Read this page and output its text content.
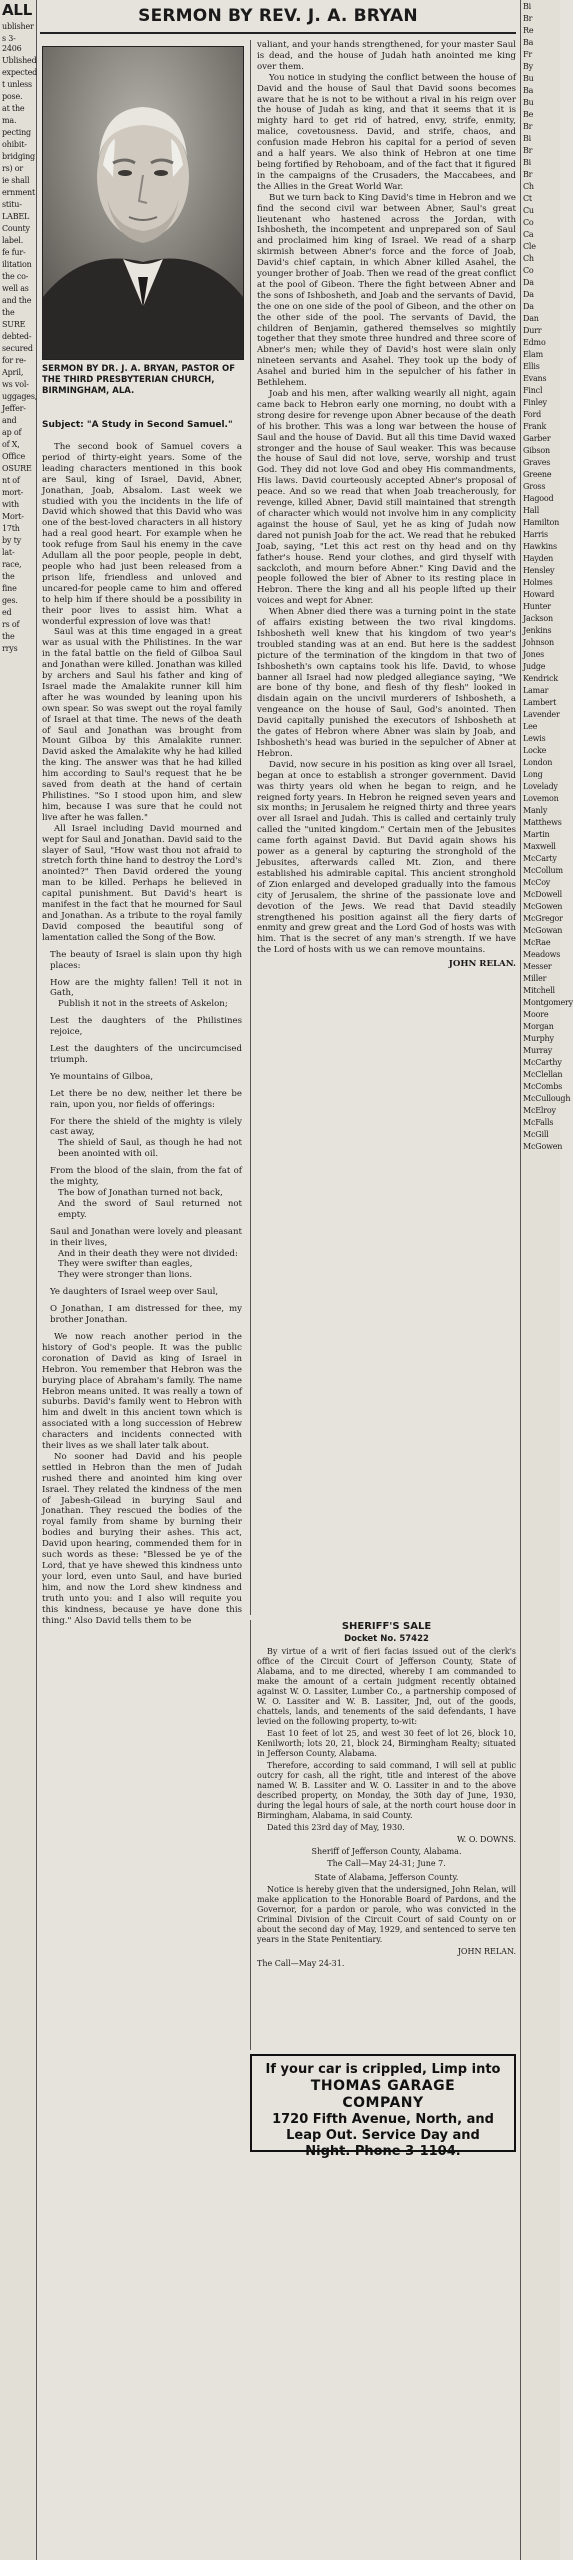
ALL

ublisher

s 3-2406

Ublished

expected

t unless

pose.

at the

ma.

pecting

ohibit-

bridging

rs) or

ie shall

ernment

stitu-

LABEL

County

label.

fe fur-

ilitation

the co-

well as

and the

the

SURE

debted-

secured

for re-

April,

ws vol-

uggages,

Jeffer-

and

ap of

of X,

Office

OSURE

nt of

mort-

with

Mort-

17th

by ty

lat-

race,

the

fine

ges.

ed

rs of

the

rrys

SERMON BY REV. J. A. BRYAN
SERMON BY DR. J. A. BRYAN, PASTOR OF THE THIRD PRESBYTERIAN CHURCH, BIRMINGHAM, ALA.
Subject: "A Study in Second Samuel."

The second book of Samuel covers a period of thirty-eight years. Some of the leading characters mentioned in this book are Saul, king of Israel, David, Abner, Jonathan, Joab, Absalom. Last week we studied with you the incidents in the life of David which showed that this David who was one of the best-loved characters in all history had a real good heart. For example when he took refuge from Saul his enemy in the cave Adullam all the poor people, people in debt, people who had just been released from a prison life, friendless and unloved and uncared-for people came to him and offered to help him if there should be a possibility in their poor lives to assist him. What a wonderful expression of love was that!

Saul was at this time engaged in a great war as usual with the Philistines. In the war in the fatal battle on the field of Gilboa Saul and Jonathan were killed. Jonathan was killed by archers and Saul his father and king of Israel made the Amalakite runner kill him after he was wounded by leaning upon his own spear. So was swept out the royal family of Israel at that time. The news of the death of Saul and Jonathan was brought from Mount Gilboa by this Amalakite runner. David asked the Amalakite why he had killed the king. The answer was that he had killed him according to Saul's request that he be saved from death at the hand of certain Philistines. "So I stood upon him, and slew him, because I was sure that he could not live after he was fallen."

All Israel including David mourned and wept for Saul and Jonathan. David said to the slayer of Saul, "How wast thou not afraid to stretch forth thine hand to destroy the Lord's anointed?" Then David ordered the young man to be killed. Perhaps he believed in capital punishment. But David's heart is manifest in the fact that he mourned for Saul and Jonathan. As a tribute to the royal family David composed the beautiful song of lamentation called the Song of the Bow.

The beauty of Israel is slain upon thy high places:

How are the mighty fallen! Tell it not in Gath,

Publish it not in the streets of Askelon;

Lest the daughters of the Philistines rejoice,

Lest the daughters of the uncircumcised triumph.

Ye mountains of Gilboa,

Let there be no dew, neither let there be rain, upon you, nor fields of offerings:

For there the shield of the mighty is vilely cast away,

The shield of Saul, as though he had not been anointed with oil.

From the blood of the slain, from the fat of the mighty,

The bow of Jonathan turned not back,

And the sword of Saul returned not empty.

Saul and Jonathan were lovely and pleasant in their lives,

And in their death they were not divided:

They were swifter than eagles,

They were stronger than lions.

Ye daughters of Israel weep over Saul,

O Jonathan, I am distressed for thee, my brother Jonathan.

We now reach another period in the history of God's people. It was the public coronation of David as king of Israel in Hebron. You remember that Hebron was the burying place of Abraham's family. The name Hebron means united. It was really a town of suburbs. David's family went to Hebron with him and dwelt in this ancient town which is associated with a long succession of Hebrew characters and incidents connected with their lives as we shall later talk about.

No sooner had David and his people settled in Hebron than the men of Judah rushed there and anointed him king over Israel. They related the kindness of the men of Jabesh-Gilead in burying Saul and Jonathan. They rescued the bodies of the royal family from shame by burning their bodies and burying their ashes. This act, David upon hearing, commended them for in such words as these: "Blessed be ye of the Lord, that ye have shewed this kindness unto your lord, even unto Saul, and have buried him, and now the Lord shew kindness and truth unto you: and I also will requite you this kindness, because ye have done this thing." Also David tells them to be

valiant, and your hands strengthened, for your master Saul is dead, and the house of Judah hath anointed me king over them.

You notice in studying the conflict between the house of David and the house of Saul that David soons becomes aware that he is not to be without a rival in his reign over the house of Judah as king, and that it seems that it is mighty hard to get rid of hatred, envy, strife, enmity, malice, covetousness. David, and strife, chaos, and confusion made Hebron his capital for a period of seven and a half years. We also think of Hebron at one time being fortified by Rehoboam, and of the fact that it figured in the campaigns of the Crusaders, the Maccabees, and the Allies in the Great World War.

But we turn back to King David's time in Hebron and we find the second civil war between Abner, Saul's great lieutenant who hastened across the Jordan, with Ishbosheth, the incompetent and unprepared son of Saul and proclaimed him king of Israel. We read of a sharp skirmish between Abner's force and the force of Joab, David's chief captain, in which Abner killed Asahel, the younger brother of Joab. Then we read of the great conflict at the pool of Gibeon. There the fight between Abner and the sons of Ishbosheth, and Joab and the servants of David, the one on one side of the pool of Gibeon, and the other on the other side of the pool. The servants of David, the children of Benjamin, gathered themselves so mightily together that they smote three hundred and three score of Abner's men; while they of David's host were slain only nineteen servants and Asahel. They took up the body of Asahel and buried him in the sepulcher of his father in Bethlehem.

Joab and his men, after walking wearily all night, again came back to Hebron early one morning, no doubt with a strong desire for revenge upon Abner because of the death of his brother. This was a long war between the house of Saul and the house of David. But all this time David waxed stronger and the house of Saul weaker. This was because the house of Saul did not love, serve, worship and trust God. They did not love God and obey His commandments, His laws. David courteously accepted Abner's proposal of peace. And so we read that when Joab treacherously, for revenge, killed Abner, David still maintained that strength of character which would not involve him in any complicity against the house of Saul, yet he as king of Judah now dared not punish Joab for the act. We read that he rebuked Joab, saying, "Let this act rest on thy head and on thy father's house. Rend your clothes, and gird thyself with sackcloth, and mourn before Abner." King David and the people followed the bier of Abner to its resting place in Hebron. There the king and all his people lifted up their voices and wept for Abner.

When Abner died there was a turning point in the state of affairs existing between the two rival kingdoms. Ishbosheth well knew that his kingdom of two year's troubled standing was at an end. But here is the saddest picture of the termination of the kingdom in that two of Ishbosheth's own captains took his life. David, to whose banner all Israel had now pledged allegiance saying, "We are bone of thy bone, and flesh of thy flesh" looked in disdain again on the uncivil murderers of Ishbosheth, a vengeance on the house of Saul, God's anointed. Then David capitally punished the executors of Ishbosheth at the gates of Hebron where Abner was slain by Joab, and Ishbosheth's head was buried in the sepulcher of Abner at Hebron.

David, now secure in his position as king over all Israel, began at once to establish a stronger government. David was thirty years old when he began to reign, and he reigned forty years. In Hebron he reigned seven years and six months; in Jerusalem he reigned thirty and three years over all Israel and Judah. This is called and certainly truly called the "united kingdom." Certain men of the Jebusites came forth against David. But David again shows his power as a general by capturing the stronghold of the Jebusites, afterwards called Mt. Zion, and there established his admirable capital. This ancient stronghold of Zion enlarged and developed gradually into the famous city of Jerusalem, the shrine of the passionate love and devotion of the Jews. We read that David steadily strengthened his position against all the fiery darts of enmity and grew great and the Lord God of hosts was with him. That is the secret of any man's strength. If we have the Lord of hosts with us we can remove mountains.

JOHN RELAN.

SHERIFF'S SALE
Docket No. 57422

By virtue of a writ of fieri facias issued out of the clerk's office of the Circuit Court of Jefferson County, State of Alabama, and to me directed, whereby I am commanded to make the amount of a certain judgment recently obtained against W. O. Lassiter, Lumber Co., a partnership composed of W. O. Lassiter and W. B. Lassiter, Jnd, out of the goods, chattels, lands, and tenements of the said defendants, I have levied on the following property, to-wit:

East 10 feet of lot 25, and west 30 feet of lot 26, block 10, Kenilworth; lots 20, 21, block 24, Birmingham Realty; situated in Jefferson County, Alabama.

Therefore, according to said command, I will sell at public outcry for cash, all the right, title and interest of the above named W. B. Lassiter and W. O. Lassiter in and to the above described property, on Monday, the 30th day of June, 1930, during the legal hours of sale, at the north court house door in Birmingham, Alabama, in said County.

Dated this 23rd day of May, 1930.

W. O. DOWNS.

Sheriff of Jefferson County, Alabama.

The Call—May 24-31; June 7.

State of Alabama, Jefferson County.

Notice is hereby given that the undersigned, John Relan, will make application to the Honorable Board of Pardons, and the Governor, for a pardon or parole, who was convicted in the Criminal Division of the Circuit Court of said County on or about the second day of May, 1929, and sentenced to serve ten years in the State Penitentiary.

JOHN RELAN.

The Call—May 24-31.

If your car is crippled, Limp into
THOMAS GARAGE
COMPANY
1720 Fifth Avenue, North, and
Leap Out. Service Day and
Night. Phone 3-1104.

Bi

Br

Re

Ba

Fr

By

Bu

Ba

Bu

Be

Br

Bi

Br

Bi

Br

Ch

Ct

Cu

Co

Ca

Cle

Ch

Co

Da

Da

Da

Dan

Durr

Edmo

Elam

Ellis

Evans

Fincl

Finley

Ford

Frank

Garber

Gibson

Graves

Greene

Gross

Hagood

Hall

Hamilton

Harris

Hawkins

Hayden

Hensley

Holmes

Howard

Hunter

Jackson

Jenkins

Johnson

Jones

Judge

Kendrick

Lamar

Lambert

Lavender

Lee

Lewis

Locke

London

Long

Lovelady

Lovemon

Manly

Matthews

Martin

Maxwell

McCarty

McCollum

McCoy

McDowell

McGowen

McGregor

McGowan

McRae

Meadows

Messer

Miller

Mitchell

Montgomery

Moore

Morgan

Murphy

Murray

McCarthy

McClellan

McCombs

McCullough

McElroy

McFalls

McGill

McGowen
